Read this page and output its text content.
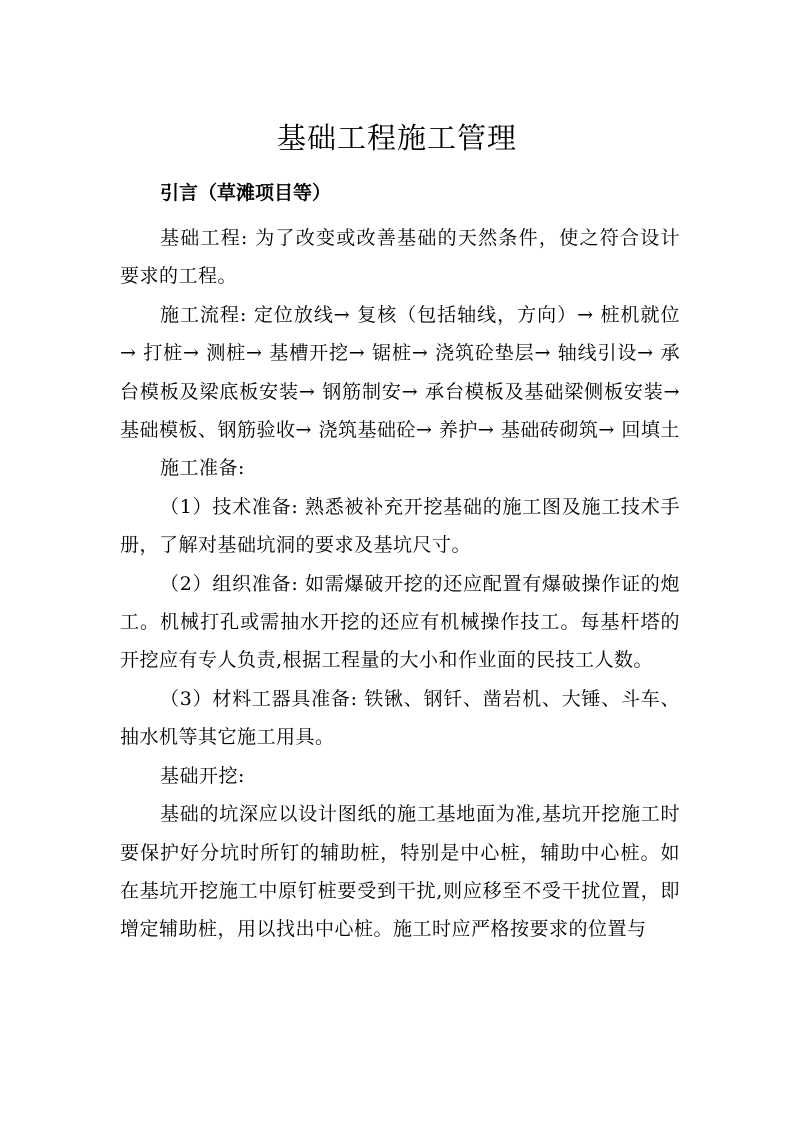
基础工程施工管理

引言（草滩项目等）

基础工程: 为了改变或改善基础的天然条件，使之符合设计要求的工程。

施工流程: 定位放线→ 复核（包括轴线，方向）→ 桩机就位→ 打桩→ 测桩→ 基槽开挖→ 锯桩→ 浇筑砼垫层→ 轴线引设→ 承台模板及梁底板安装→ 钢筋制安→ 承台模板及基础梁侧板安装→ 基础模板、钢筋验收→ 浇筑基础砼→ 养护→ 基础砖砌筑→ 回填土

施工准备:

（1）技术准备: 熟悉被补充开挖基础的施工图及施工技术手册，了解对基础坑洞的要求及基坑尺寸。

（2）组织准备: 如需爆破开挖的还应配置有爆破操作证的炮工。机械打孔或需抽水开挖的还应有机械操作技工。每基杆塔的开挖应有专人负责,根据工程量的大小和作业面的民技工人数。

（3）材料工器具准备: 铁锹、钢钎、凿岩机、大锤、斗车、抽水机等其它施工用具。

基础开挖:

基础的坑深应以设计图纸的施工基地面为准,基坑开挖施工时要保护好分坑时所钉的辅助桩，特别是中心桩，辅助中心桩。如在基坑开挖施工中原钉桩要受到干扰,则应移至不受干扰位置，即增定辅助桩，用以找出中心桩。施工时应严格按要求的位置与
